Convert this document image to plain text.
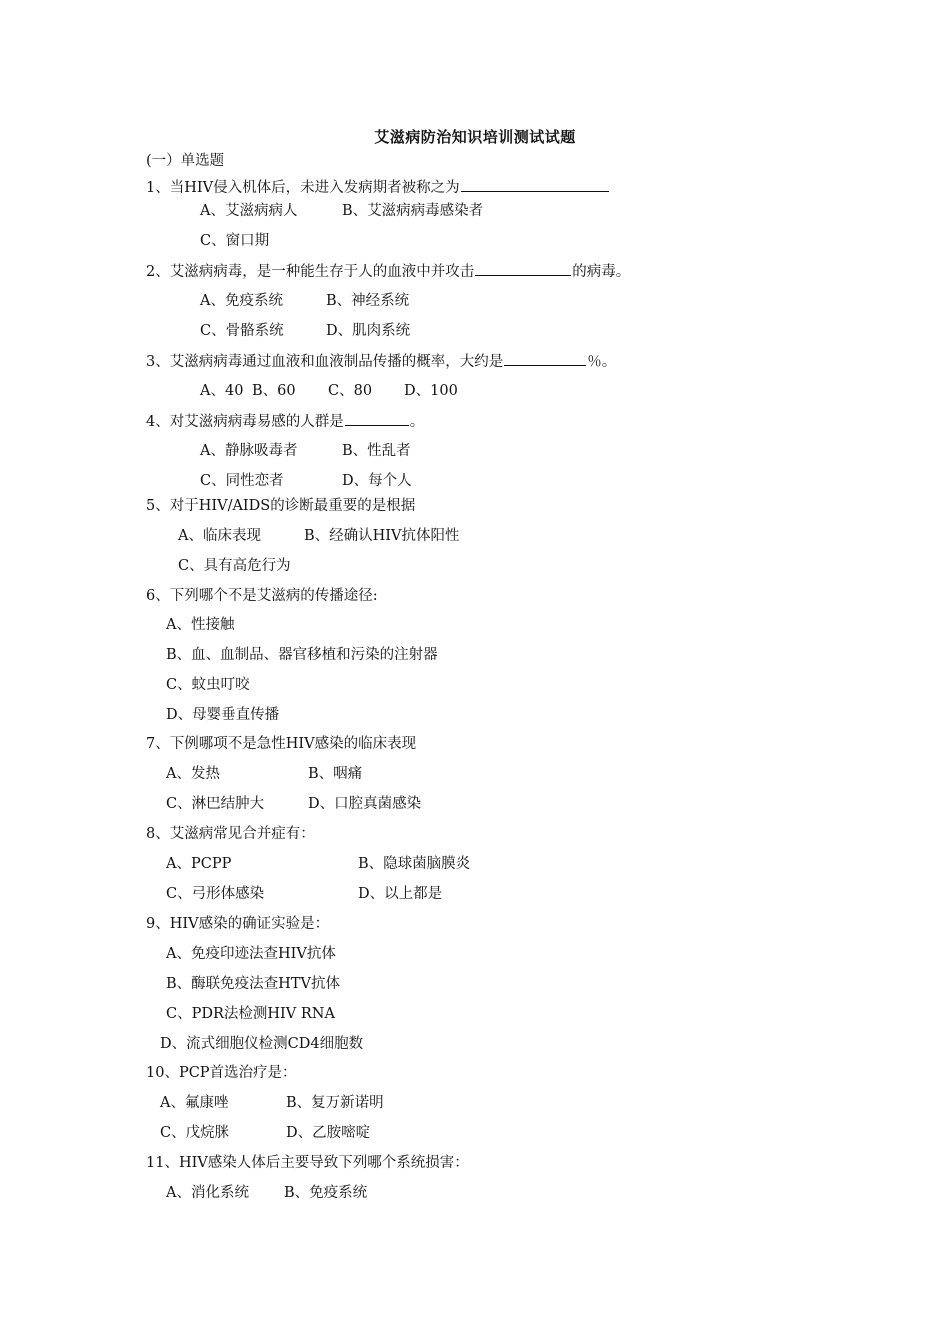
艾滋病防治知识培训测试试题
(一）单选题
1、当HIV侵入机体后，未进入发病期者被称之为
A、艾滋病病人	B、艾滋病病毒感染者
C、窗口期
2、艾滋病病毒，是一种能生存于人的血液中并攻击	的病毒。
A、免疫系统	B、神经系统
C、骨骼系统	D、肌肉系统
3、艾滋病病毒通过血液和血液制品传播的概率，大约是	％。
A、40 B、60 C、80 D、100
4、对艾滋病病毒易感的人群是	。
A、静脉吸毒者	B、性乱者
C、同性恋者	D、每个人
5、对于HIV/AIDS的诊断最重要的是根据
A、临床表现	B、经确认HIV抗体阳性
C、具有高危行为
6、下列哪个不是艾滋病的传播途径:
A、性接触
B、血、血制品、器官移植和污染的注射器
C、蚊虫叮咬
D、母婴垂直传播
7、下例哪项不是急性HIV感染的临床表现
A、发热	B、咽痛
C、淋巴结肿大	D、口腔真菌感染
8、艾滋病常见合并症有：
A、PCPP	B、隐球菌脑膜炎
C、弓形体感染	D、以上都是
9、HIV感染的确证实验是：
A、免疫印迹法查HIV抗体
B、酶联免疫法查HTV抗体
C、PDR法检测HIV RNA
D、流式细胞仪检测CD4细胞数
10、PCP首选治疗是：
A、氟康唑	B、复万新诺明
C、戊烷脒	D、乙胺嘧啶
11、HIV感染人体后主要导致下列哪个系统损害：
A、消化系统 B、免疫系统
